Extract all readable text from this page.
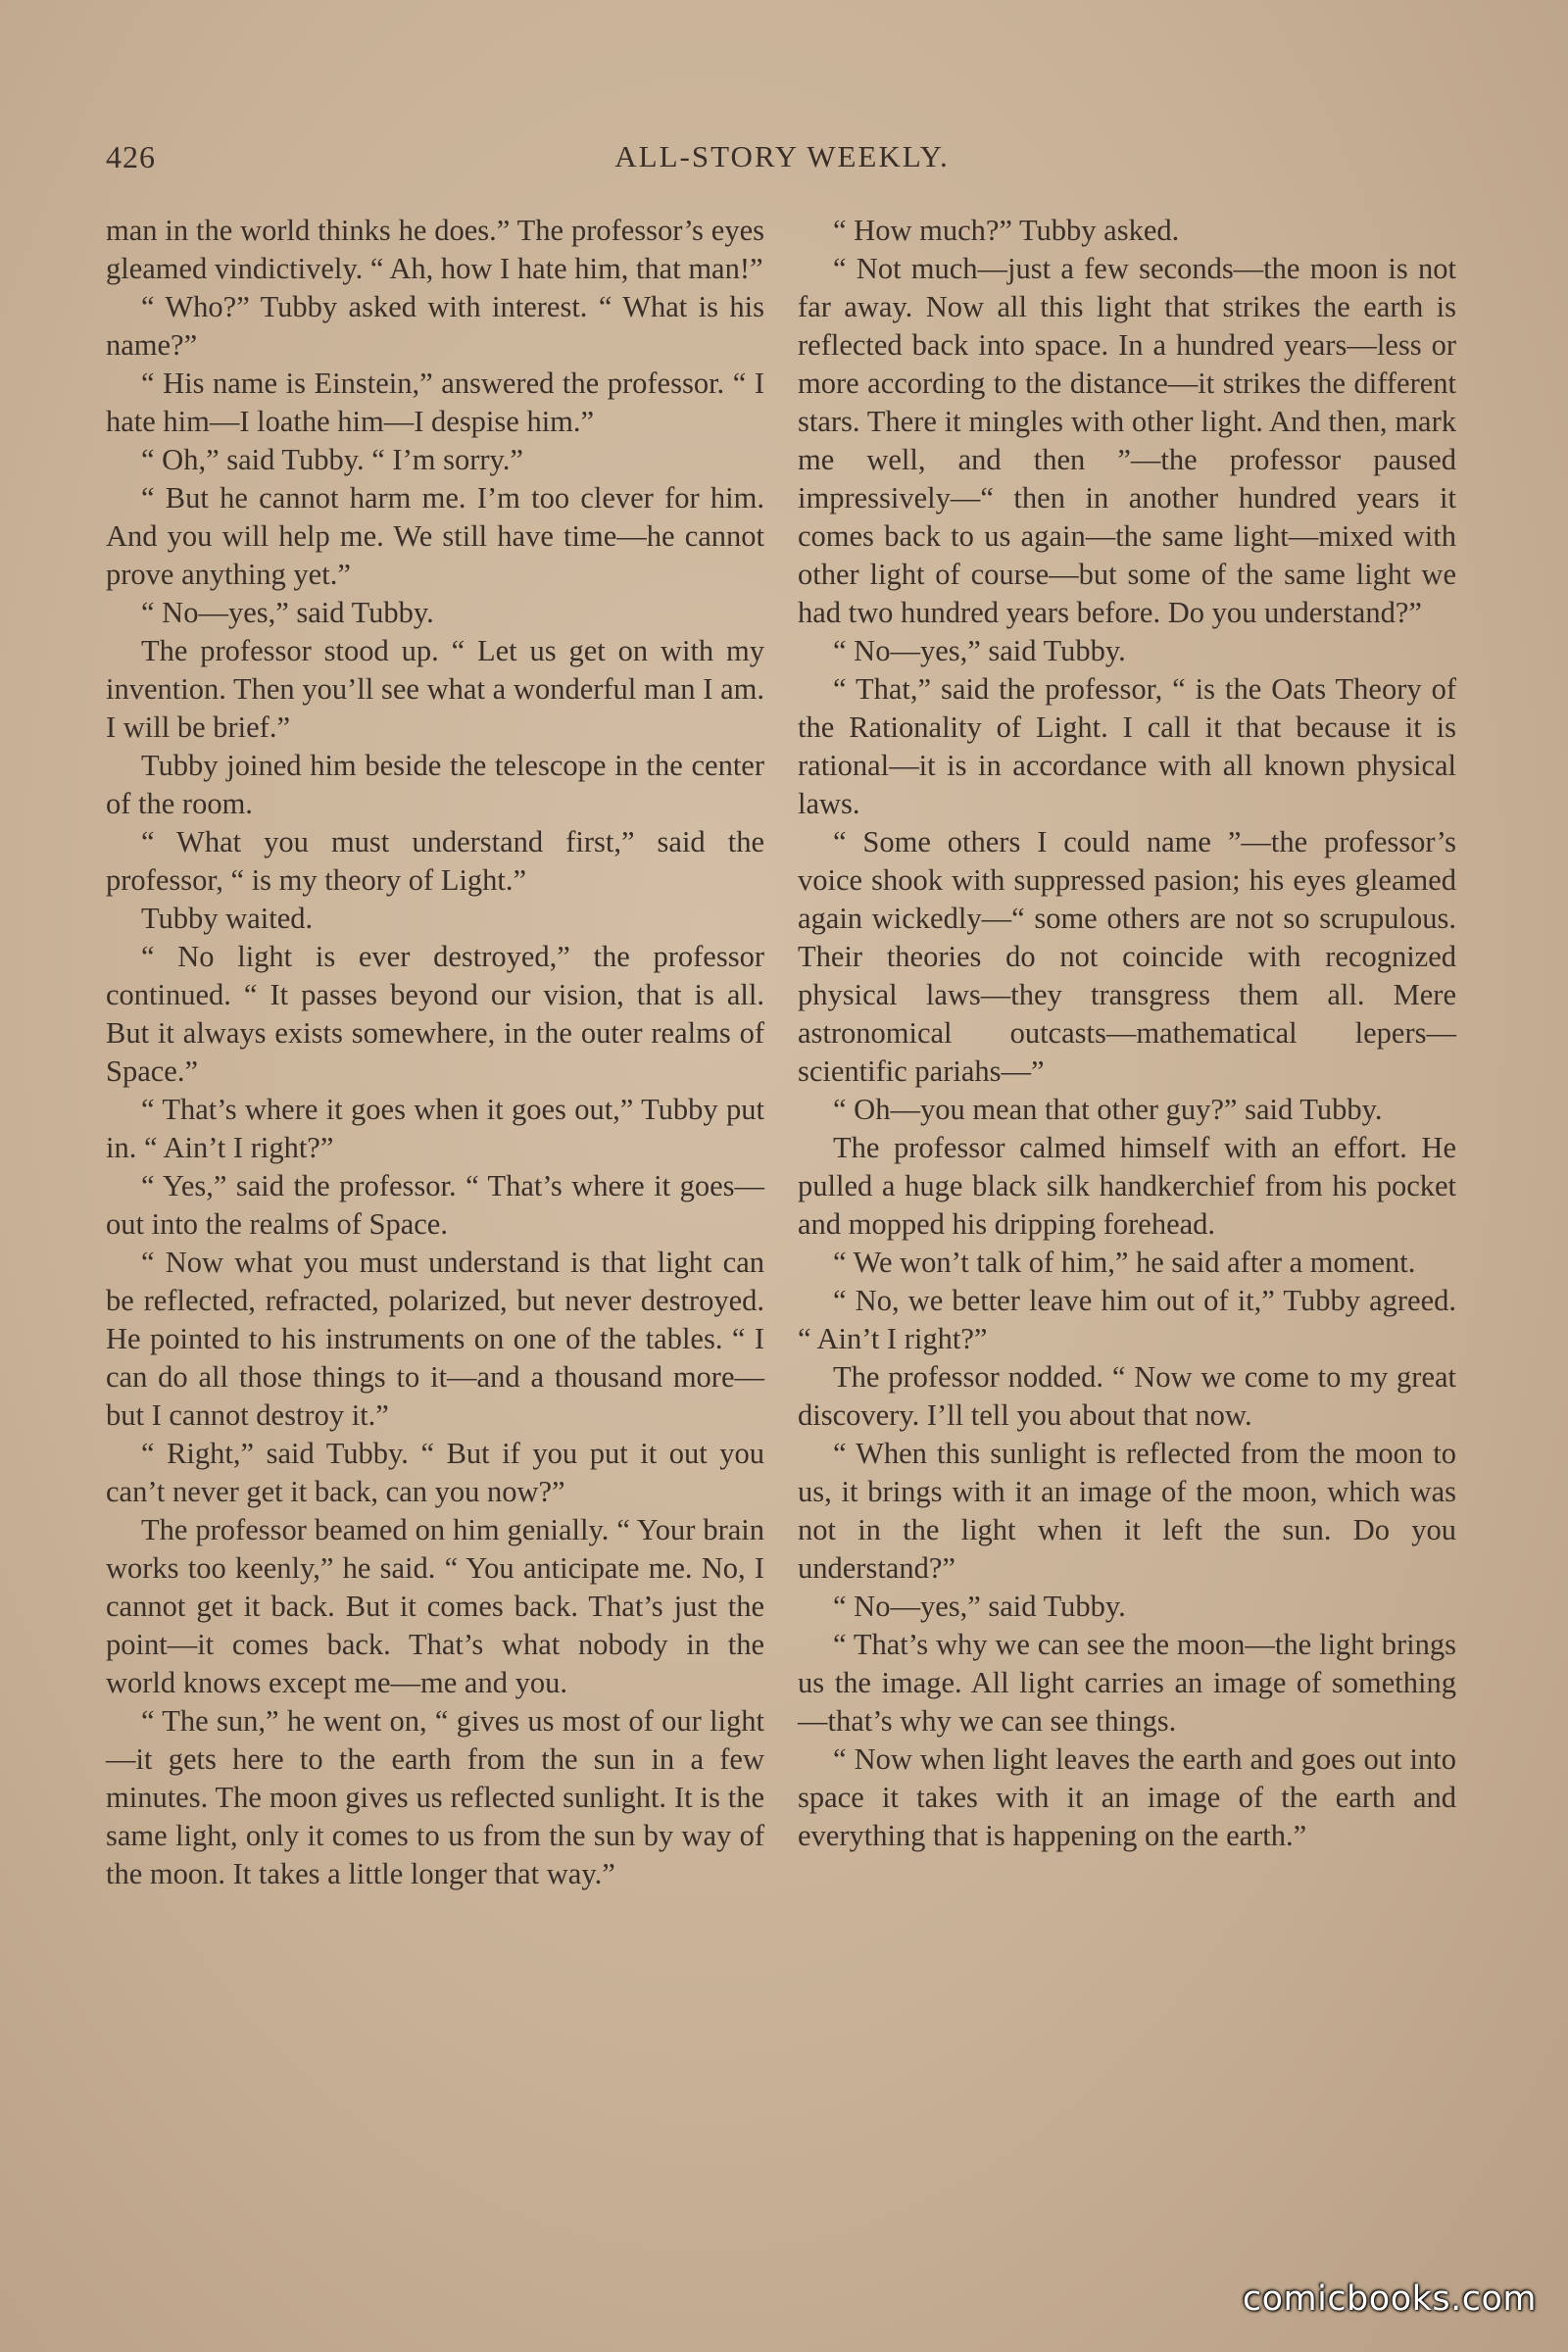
426	ALL-STORY WEEKLY.

man in the world thinks he does.” The professor’s eyes gleamed vindictively. “ Ah, how I hate him, that man!”

“ Who?” Tubby asked with interest. “ What is his name?”

“ His name is Einstein,” answered the professor. “ I hate him—I loathe him—I despise him.”

“ Oh,” said Tubby. “ I’m sorry.”

“ But he cannot harm me. I’m too clever for him. And you will help me. We still have time—he cannot prove anything yet.”

“ No—yes,” said Tubby.

The professor stood up. “ Let us get on with my invention. Then you’ll see what a wonderful man I am. I will be brief.”

Tubby joined him beside the telescope in the center of the room.

“ What you must understand first,” said the professor, “ is my theory of Light.”

Tubby waited.

“ No light is ever destroyed,” the professor continued. “ It passes beyond our vision, that is all. But it always exists somewhere, in the outer realms of Space.”

“ That’s where it goes when it goes out,” Tubby put in. “ Ain’t I right?”

“ Yes,” said the professor. “ That’s where it goes—out into the realms of Space.

“ Now what you must understand is that light can be reflected, refracted, polarized, but never destroyed. He pointed to his instruments on one of the tables. “ I can do all those things to it—and a thousand more—but I cannot destroy it.”

“ Right,” said Tubby. “ But if you put it out you can’t never get it back, can you now?”

The professor beamed on him genially. “ Your brain works too keenly,” he said. “ You anticipate me. No, I cannot get it back. But it comes back. That’s just the point—it comes back. That’s what nobody in the world knows except me—me and you.

“ The sun,” he went on, “ gives us most of our light—it gets here to the earth from the sun in a few minutes. The moon gives us reflected sunlight. It is the same light, only it comes to us from the sun by way of the moon. It takes a little longer that way.”

“ How much?” Tubby asked.

“ Not much—just a few seconds—the moon is not far away. Now all this light that strikes the earth is reflected back into space. In a hundred years—less or more according to the distance—it strikes the different stars. There it mingles with other light. And then, mark me well, and then ”—the professor paused impressively—“ then in another hundred years it comes back to us again—the same light—mixed with other light of course—but some of the same light we had two hundred years before. Do you understand?”

“ No—yes,” said Tubby.

“ That,” said the professor, “ is the Oats Theory of the Rationality of Light. I call it that because it is rational—it is in accordance with all known physical laws.

“ Some others I could name ”—the professor’s voice shook with suppressed pasion; his eyes gleamed again wickedly—“ some others are not so scrupulous. Their theories do not coincide with recognized physical laws—they transgress them all. Mere astronomical outcasts—mathematical lepers—scientific pariahs—”

“ Oh—you mean that other guy?” said Tubby.

The professor calmed himself with an effort. He pulled a huge black silk handkerchief from his pocket and mopped his dripping forehead.

“ We won’t talk of him,” he said after a moment.

“ No, we better leave him out of it,” Tubby agreed. “ Ain’t I right?”

The professor nodded. “ Now we come to my great discovery. I’ll tell you about that now.

“ When this sunlight is reflected from the moon to us, it brings with it an image of the moon, which was not in the light when it left the sun. Do you understand?”

“ No—yes,” said Tubby.

“ That’s why we can see the moon—the light brings us the image. All light carries an image of something—that’s why we can see things.

“ Now when light leaves the earth and goes out into space it takes with it an image of the earth and everything that is happening on the earth.”

comicbooks.com
